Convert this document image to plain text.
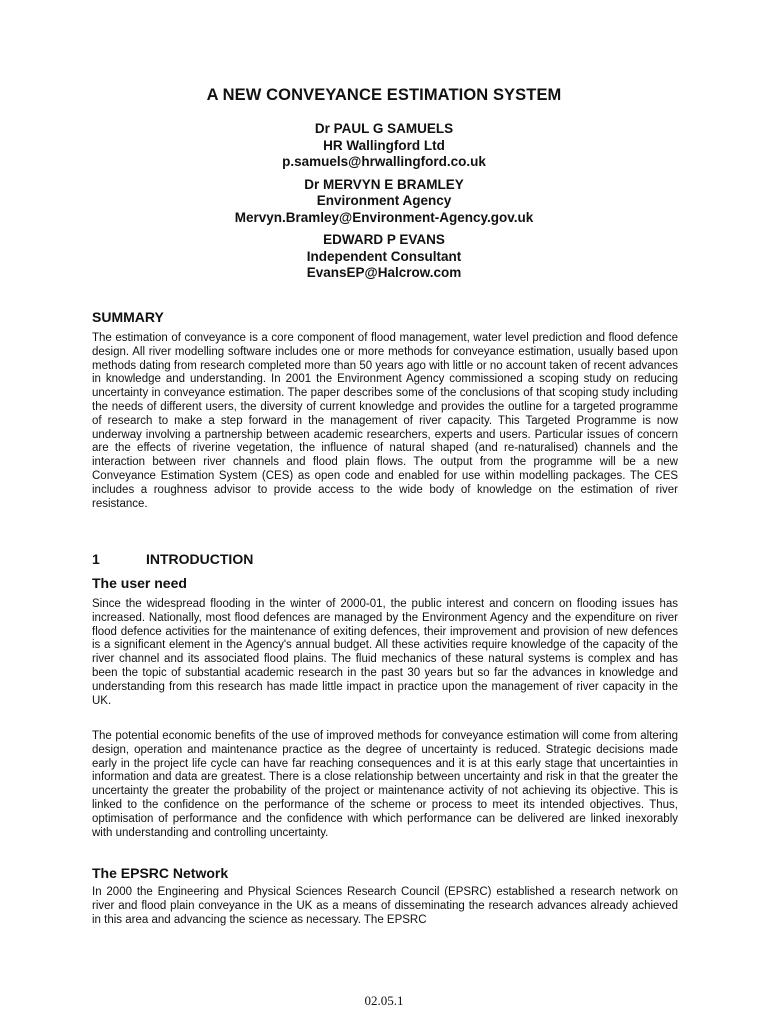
A NEW CONVEYANCE ESTIMATION SYSTEM
Dr PAUL G SAMUELS
HR Wallingford Ltd
p.samuels@hrwallingford.co.uk
Dr MERVYN E BRAMLEY
Environment Agency
Mervyn.Bramley@Environment-Agency.gov.uk
EDWARD P EVANS
Independent Consultant
EvansEP@Halcrow.com
SUMMARY

The estimation of conveyance is a core component of flood management, water level prediction and flood defence design. All river modelling software includes one or more methods for conveyance estimation, usually based upon methods dating from research completed more than 50 years ago with little or no account taken of recent advances in knowledge and understanding. In 2001 the Environment Agency commissioned a scoping study on reducing uncertainty in conveyance estimation. The paper describes some of the conclusions of that scoping study including the needs of different users, the diversity of current knowledge and provides the outline for a targeted programme of research to make a step forward in the management of river capacity. This Targeted Programme is now underway involving a partnership between academic researchers, experts and users. Particular issues of concern are the effects of riverine vegetation, the influence of natural shaped (and re-naturalised) channels and the interaction between river channels and flood plain flows. The output from the programme will be a new Conveyance Estimation System (CES) as open code and enabled for use within modelling packages. The CES includes a roughness advisor to provide access to the wide body of knowledge on the estimation of river resistance.

1	INTRODUCTION
The user need

Since the widespread flooding in the winter of 2000-01, the public interest and concern on flooding issues has increased. Nationally, most flood defences are managed by the Environment Agency and the expenditure on river flood defence activities for the maintenance of exiting defences, their improvement and provision of new defences is a significant element in the Agency's annual budget. All these activities require knowledge of the capacity of the river channel and its associated flood plains. The fluid mechanics of these natural systems is complex and has been the topic of substantial academic research in the past 30 years but so far the advances in knowledge and understanding from this research has made little impact in practice upon the management of river capacity in the UK.

The potential economic benefits of the use of improved methods for conveyance estimation will come from altering design, operation and maintenance practice as the degree of uncertainty is reduced. Strategic decisions made early in the project life cycle can have far reaching consequences and it is at this early stage that uncertainties in information and data are greatest. There is a close relationship between uncertainty and risk in that the greater the uncertainty the greater the probability of the project or maintenance activity of not achieving its objective. This is linked to the confidence on the performance of the scheme or process to meet its intended objectives. Thus, optimisation of performance and the confidence with which performance can be delivered are linked inexorably with understanding and controlling uncertainty.

The EPSRC Network

In 2000 the Engineering and Physical Sciences Research Council (EPSRC) established a research network on river and flood plain conveyance in the UK as a means of disseminating the research advances already achieved in this area and advancing the science as necessary. The EPSRC

02.05.1
